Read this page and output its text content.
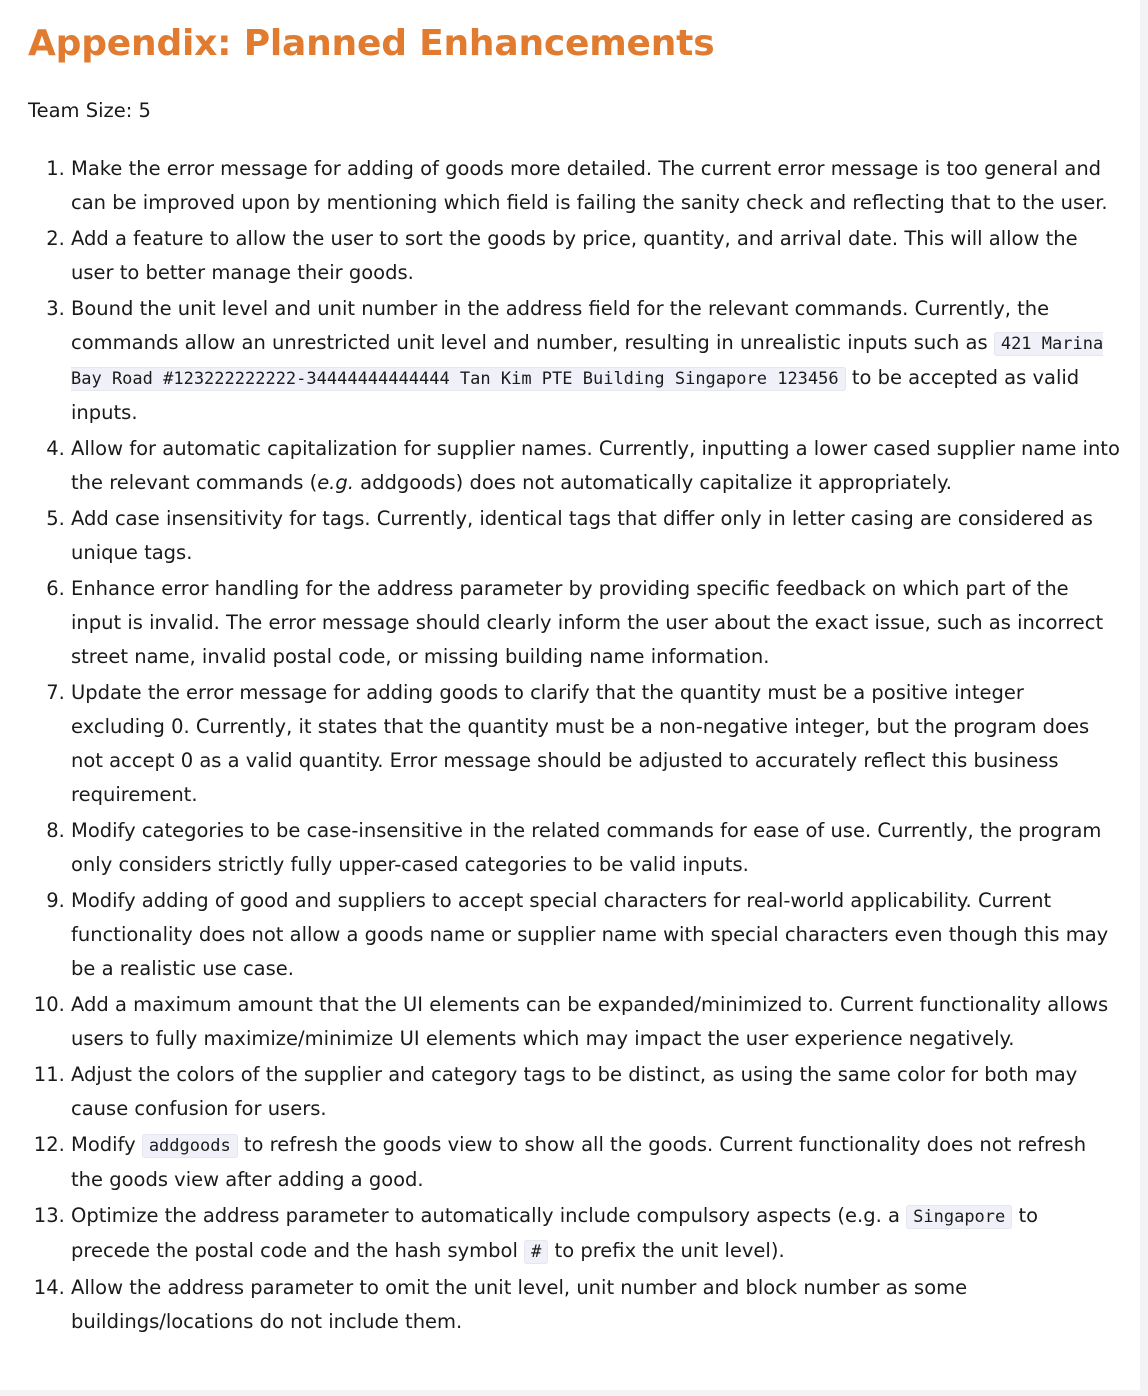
Appendix: Planned Enhancements

Team Size: 5

1. Make the error message for adding of goods more detailed. The current error message is too general and can be improved upon by mentioning which field is failing the sanity check and reflecting that to the user.
2. Add a feature to allow the user to sort the goods by price, quantity, and arrival date. This will allow the user to better manage their goods.
3. Bound the unit level and unit number in the address field for the relevant commands. Currently, the commands allow an unrestricted unit level and number, resulting in unrealistic inputs such as 421 Marina Bay Road #123222222222-34444444444444 Tan Kim PTE Building Singapore 123456 to be accepted as valid inputs.
4. Allow for automatic capitalization for supplier names. Currently, inputting a lower cased supplier name into the relevant commands (e.g. addgoods) does not automatically capitalize it appropriately.
5. Add case insensitivity for tags. Currently, identical tags that differ only in letter casing are considered as unique tags.
6. Enhance error handling for the address parameter by providing specific feedback on which part of the input is invalid. The error message should clearly inform the user about the exact issue, such as incorrect street name, invalid postal code, or missing building name information.
7. Update the error message for adding goods to clarify that the quantity must be a positive integer excluding 0. Currently, it states that the quantity must be a non-negative integer, but the program does not accept 0 as a valid quantity. Error message should be adjusted to accurately reflect this business requirement.
8. Modify categories to be case-insensitive in the related commands for ease of use. Currently, the program only considers strictly fully upper-cased categories to be valid inputs.
9. Modify adding of good and suppliers to accept special characters for real-world applicability. Current functionality does not allow a goods name or supplier name with special characters even though this may be a realistic use case.
10. Add a maximum amount that the UI elements can be expanded/minimized to. Current functionality allows users to fully maximize/minimize UI elements which may impact the user experience negatively.
11. Adjust the colors of the supplier and category tags to be distinct, as using the same color for both may cause confusion for users.
12. Modify addgoods to refresh the goods view to show all the goods. Current functionality does not refresh the goods view after adding a good.
13. Optimize the address parameter to automatically include compulsory aspects (e.g. a Singapore to precede the postal code and the hash symbol # to prefix the unit level).
14. Allow the address parameter to omit the unit level, unit number and block number as some buildings/locations do not include them.
